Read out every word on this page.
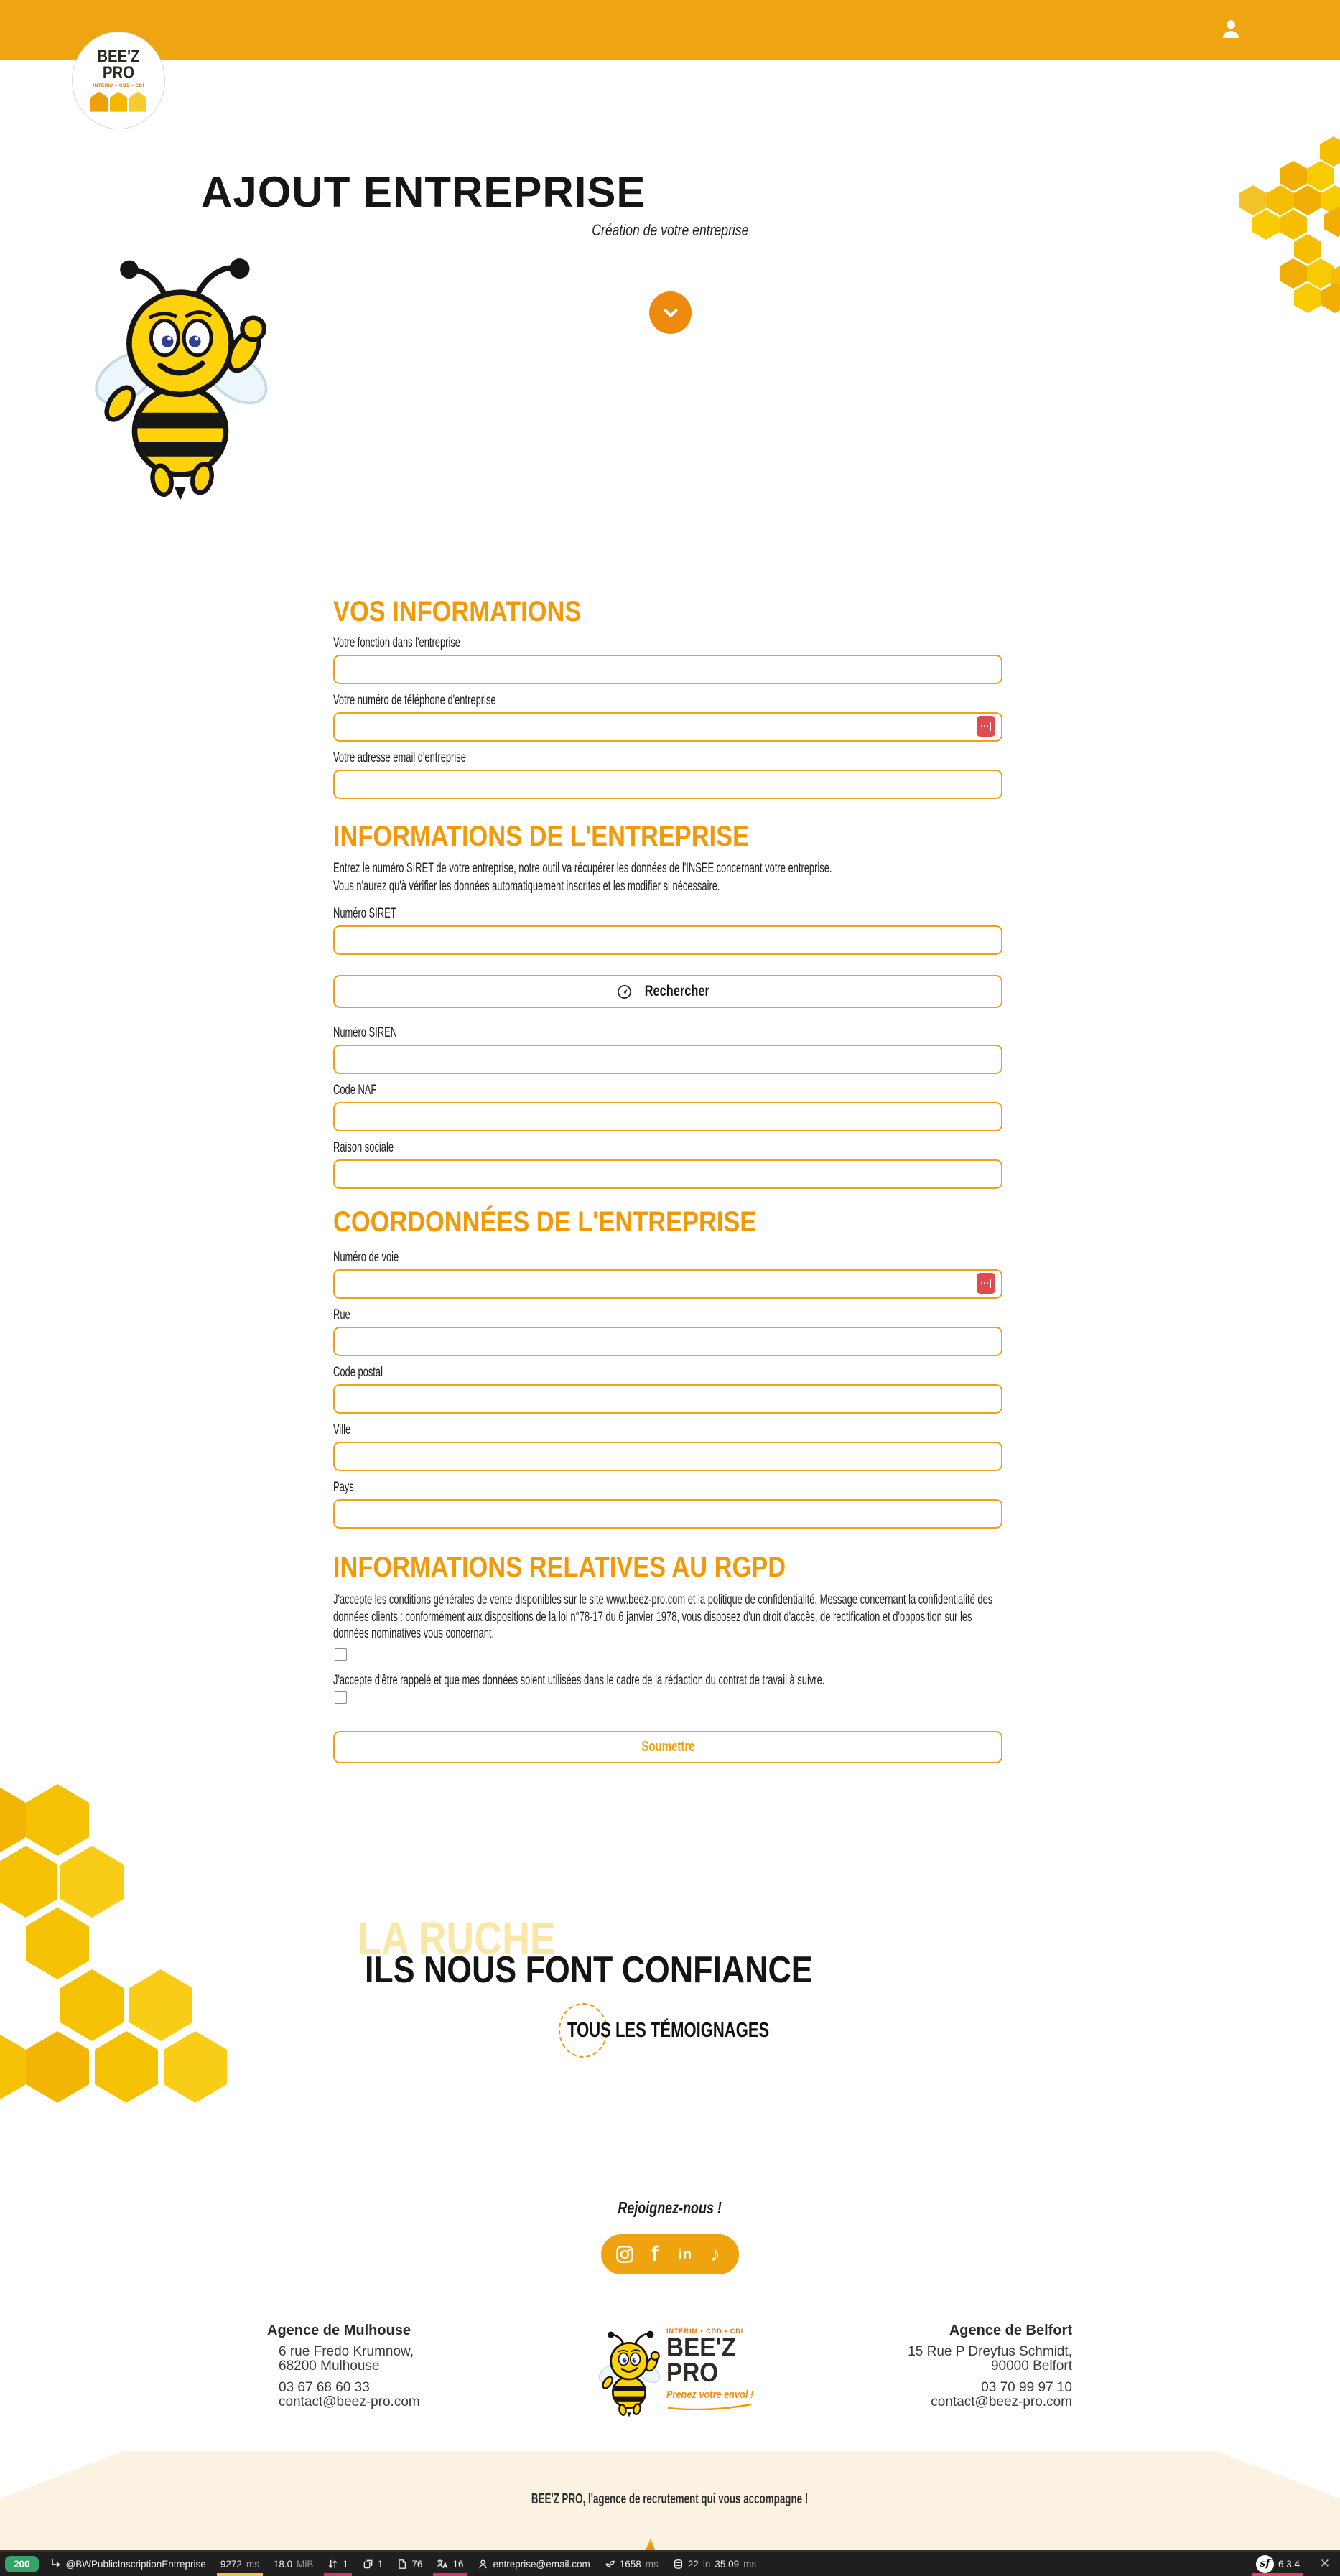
BEE'Z
PRO
INTÉRIM • CDD • CDI
AJOUT ENTREPRISE
Création de votre entreprise
VOS INFORMATIONS
Votre fonction dans l'entreprise
Votre numéro de téléphone d'entreprise
Votre adresse email d'entreprise
INFORMATIONS DE L'ENTREPRISE

Entrez le numéro SIRET de votre entreprise, notre outil va récupérer les données de l'INSEE concernant votre entreprise.
Vous n'aurez qu'à vérifier les données automatiquement inscrites et les modifier si nécessaire.

Numéro SIRET
Rechercher
Numéro SIREN
Code NAF
Raison sociale
COORDONNÉES DE L'ENTREPRISE
Numéro de voie
Rue
Code postal
Ville
Pays
INFORMATIONS RELATIVES AU RGPD

J'accepte les conditions générales de vente disponibles sur le site www.beez-pro.com et la politique de confidentialité. Message concernant la confidentialité des données clients : conformément aux dispositions de la loi n°78-17 du 6 janvier 1978, vous disposez d'un droit d'accès, de rectification et d'opposition sur les données nominatives vous concernant.

J'accepte d'être rappelé et que mes données soient utilisées dans le cadre de la rédaction du contrat de travail à suivre.

Soumettre
LA RUCHE
ILS NOUS FONT CONFIANCE
TOUS LES TÉMOIGNAGES
Rejoignez-nous !
f in ♪
Agence de Mulhouse
6 rue Fredo Krumnow,
68200 Mulhouse
03 67 68 60 33
contact@beez-pro.com
INTÉRIM • CDD • CDI
BEE'Z
PRO
Prenez votre envol !
Agence de Belfort
15 Rue P Dreyfus Schmidt,
90000 Belfort
03 70 99 97 10
contact@beez-pro.com
BEE'Z PRO, l'agence de recrutement qui vous accompagne !
200	@BWPublicInscriptionEntreprise 9272 ms 18.0 MiB	1	1	76	16	entreprise@email.com	1658 ms	22 in 35.09 ms	sf 6.3.4	✕
